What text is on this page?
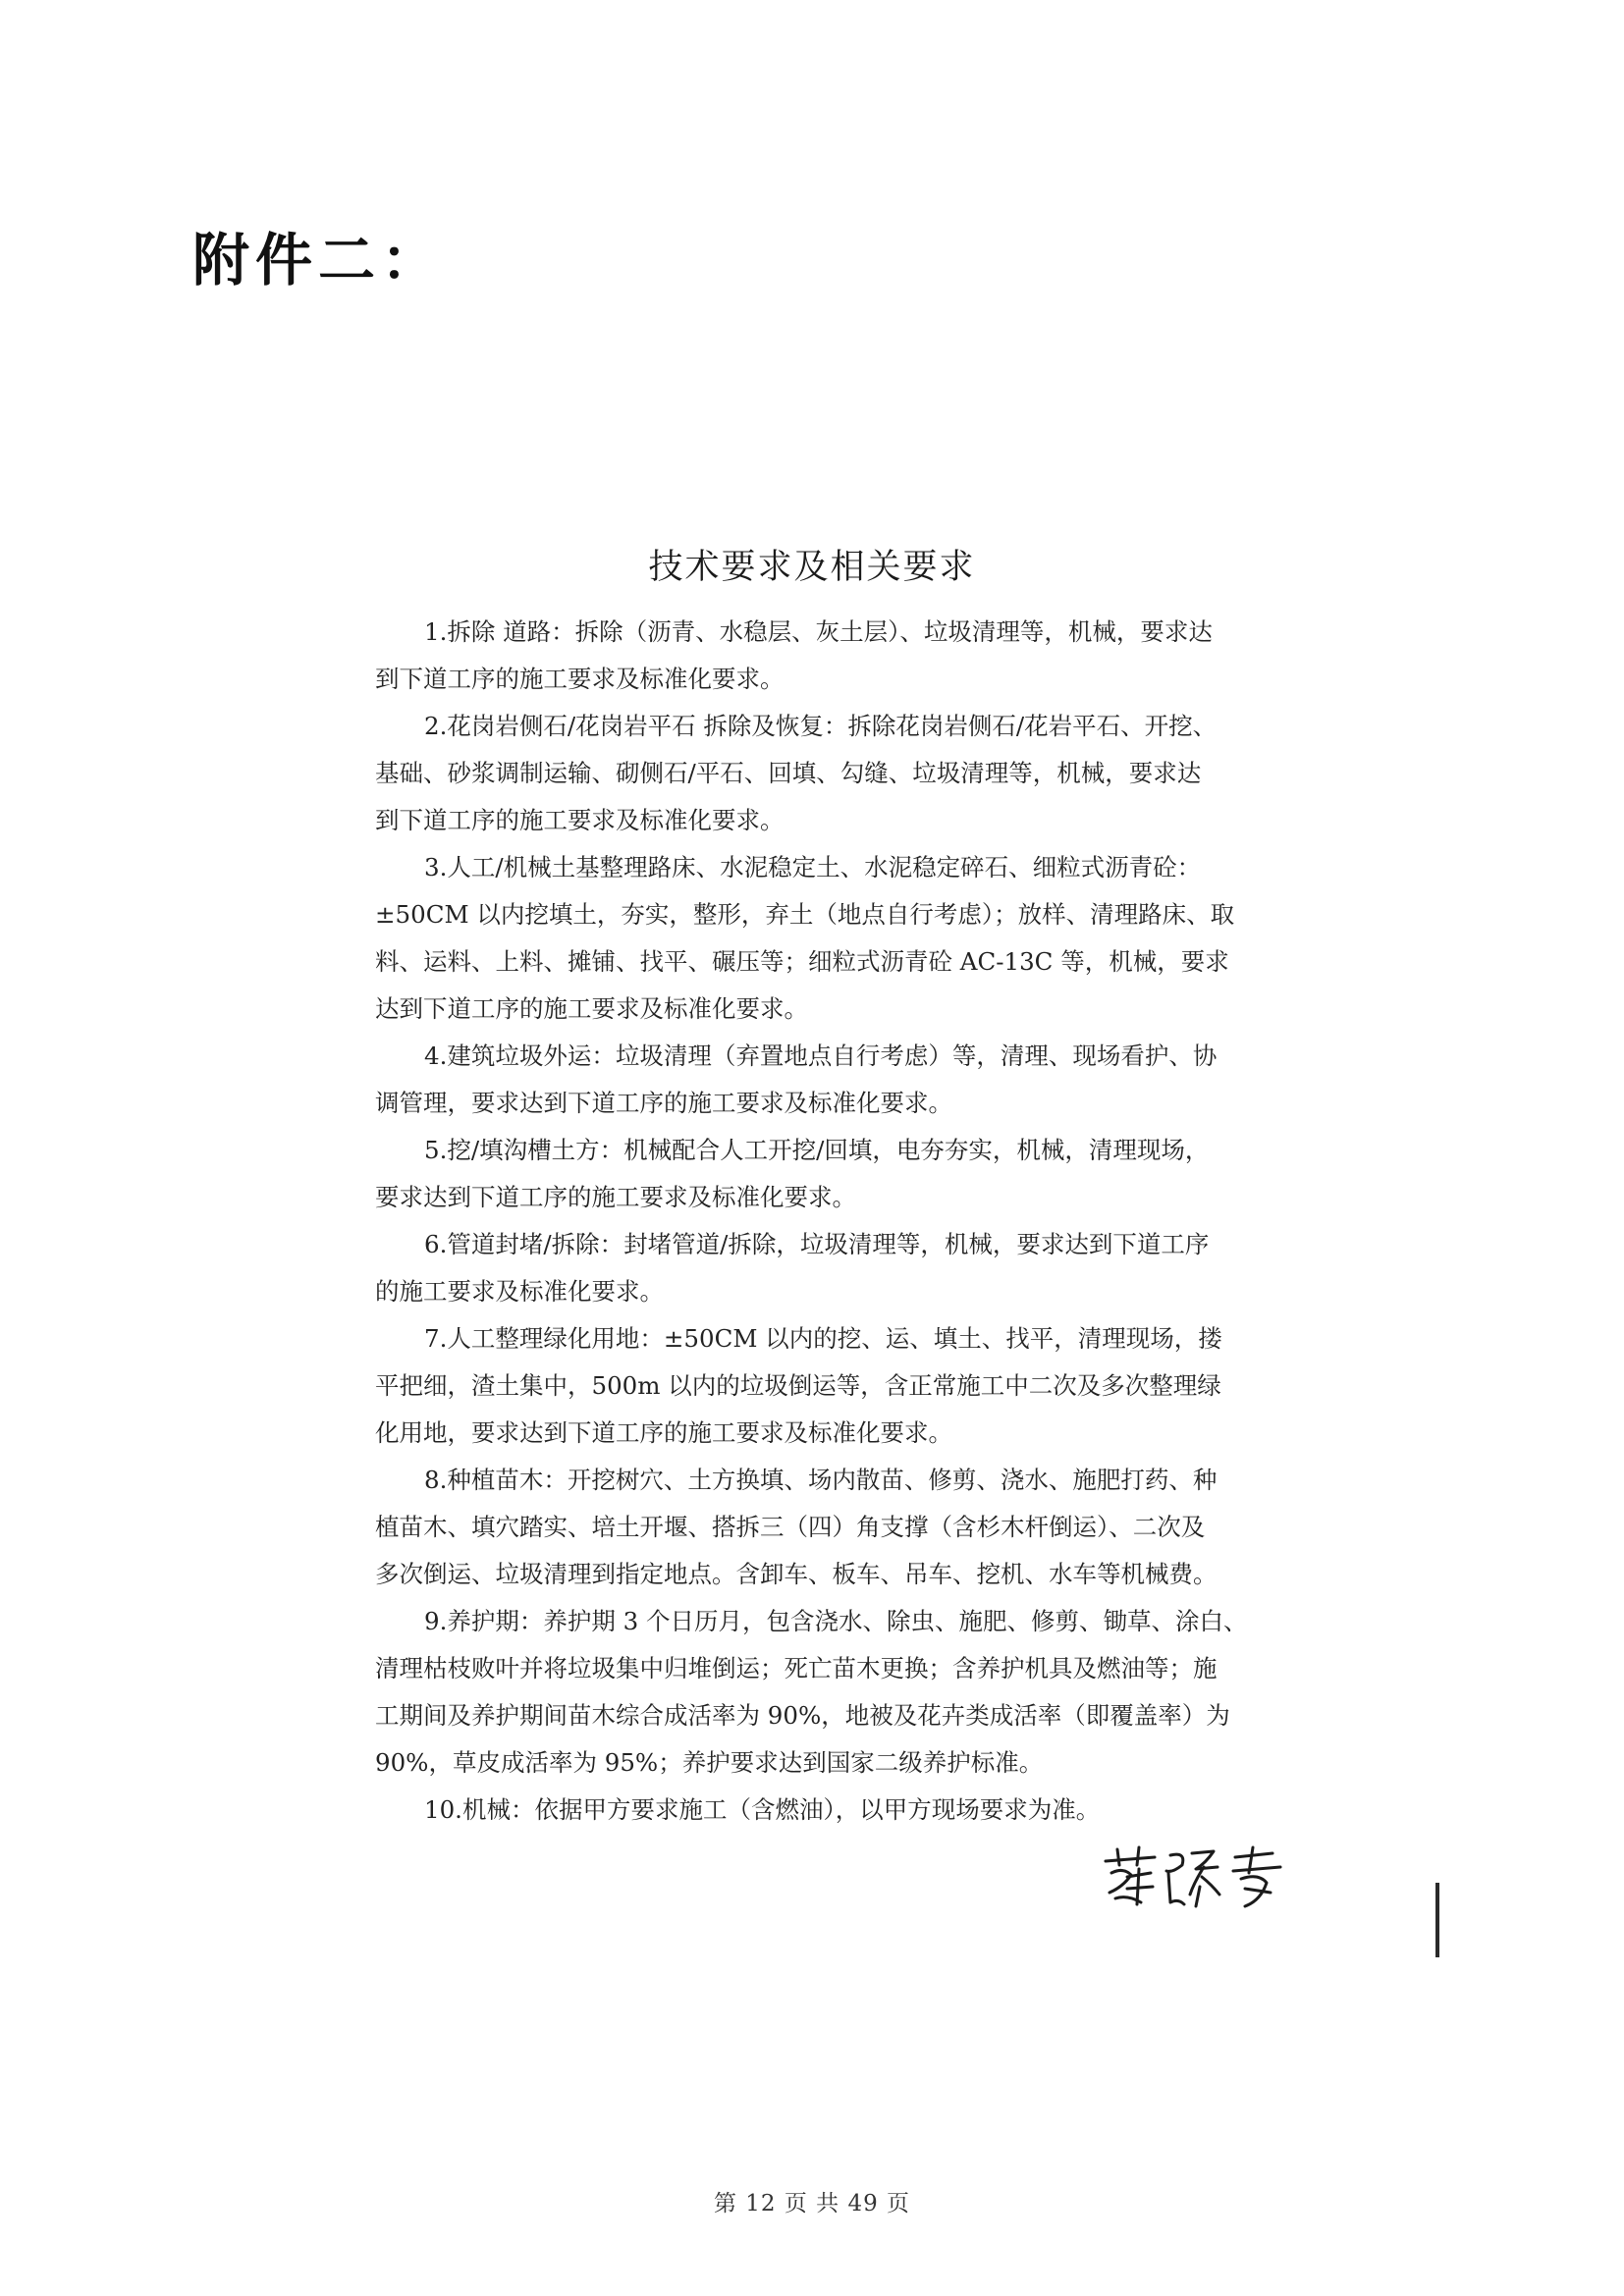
附件二：
技术要求及相关要求
1.拆除 道路：拆除（沥青、水稳层、灰土层）、垃圾清理等，机械，要求达
到下道工序的施工要求及标准化要求。
2.花岗岩侧石/花岗岩平石 拆除及恢复：拆除花岗岩侧石/花岩平石、开挖、
基础、砂浆调制运输、砌侧石/平石、回填、勾缝、垃圾清理等，机械，要求达
到下道工序的施工要求及标准化要求。
3.人工/机械土基整理路床、水泥稳定土、水泥稳定碎石、细粒式沥青砼：
±50CM 以内挖填土，夯实，整形，弃土（地点自行考虑）；放样、清理路床、取
料、运料、上料、摊铺、找平、碾压等；细粒式沥青砼 AC-13C 等，机械，要求
达到下道工序的施工要求及标准化要求。
4.建筑垃圾外运：垃圾清理（弃置地点自行考虑）等，清理、现场看护、协
调管理，要求达到下道工序的施工要求及标准化要求。
5.挖/填沟槽土方：机械配合人工开挖/回填，电夯夯实，机械，清理现场，
要求达到下道工序的施工要求及标准化要求。
6.管道封堵/拆除：封堵管道/拆除，垃圾清理等，机械，要求达到下道工序
的施工要求及标准化要求。
7.人工整理绿化用地：±50CM 以内的挖、运、填土、找平，清理现场，搂
平把细，渣土集中，500m 以内的垃圾倒运等，含正常施工中二次及多次整理绿
化用地，要求达到下道工序的施工要求及标准化要求。
8.种植苗木：开挖树穴、土方换填、场内散苗、修剪、浇水、施肥打药、种
植苗木、填穴踏实、培土开堰、搭拆三（四）角支撑（含杉木杆倒运）、二次及
多次倒运、垃圾清理到指定地点。含卸车、板车、吊车、挖机、水车等机械费。
9.养护期：养护期 3 个日历月，包含浇水、除虫、施肥、修剪、锄草、涂白、
清理枯枝败叶并将垃圾集中归堆倒运；死亡苗木更换；含养护机具及燃油等；施
工期间及养护期间苗木综合成活率为 90%，地被及花卉类成活率（即覆盖率）为
90%，草皮成活率为 95%；养护要求达到国家二级养护标准。
10.机械：依据甲方要求施工（含燃油），以甲方现场要求为准。
第 12 页 共 49 页
